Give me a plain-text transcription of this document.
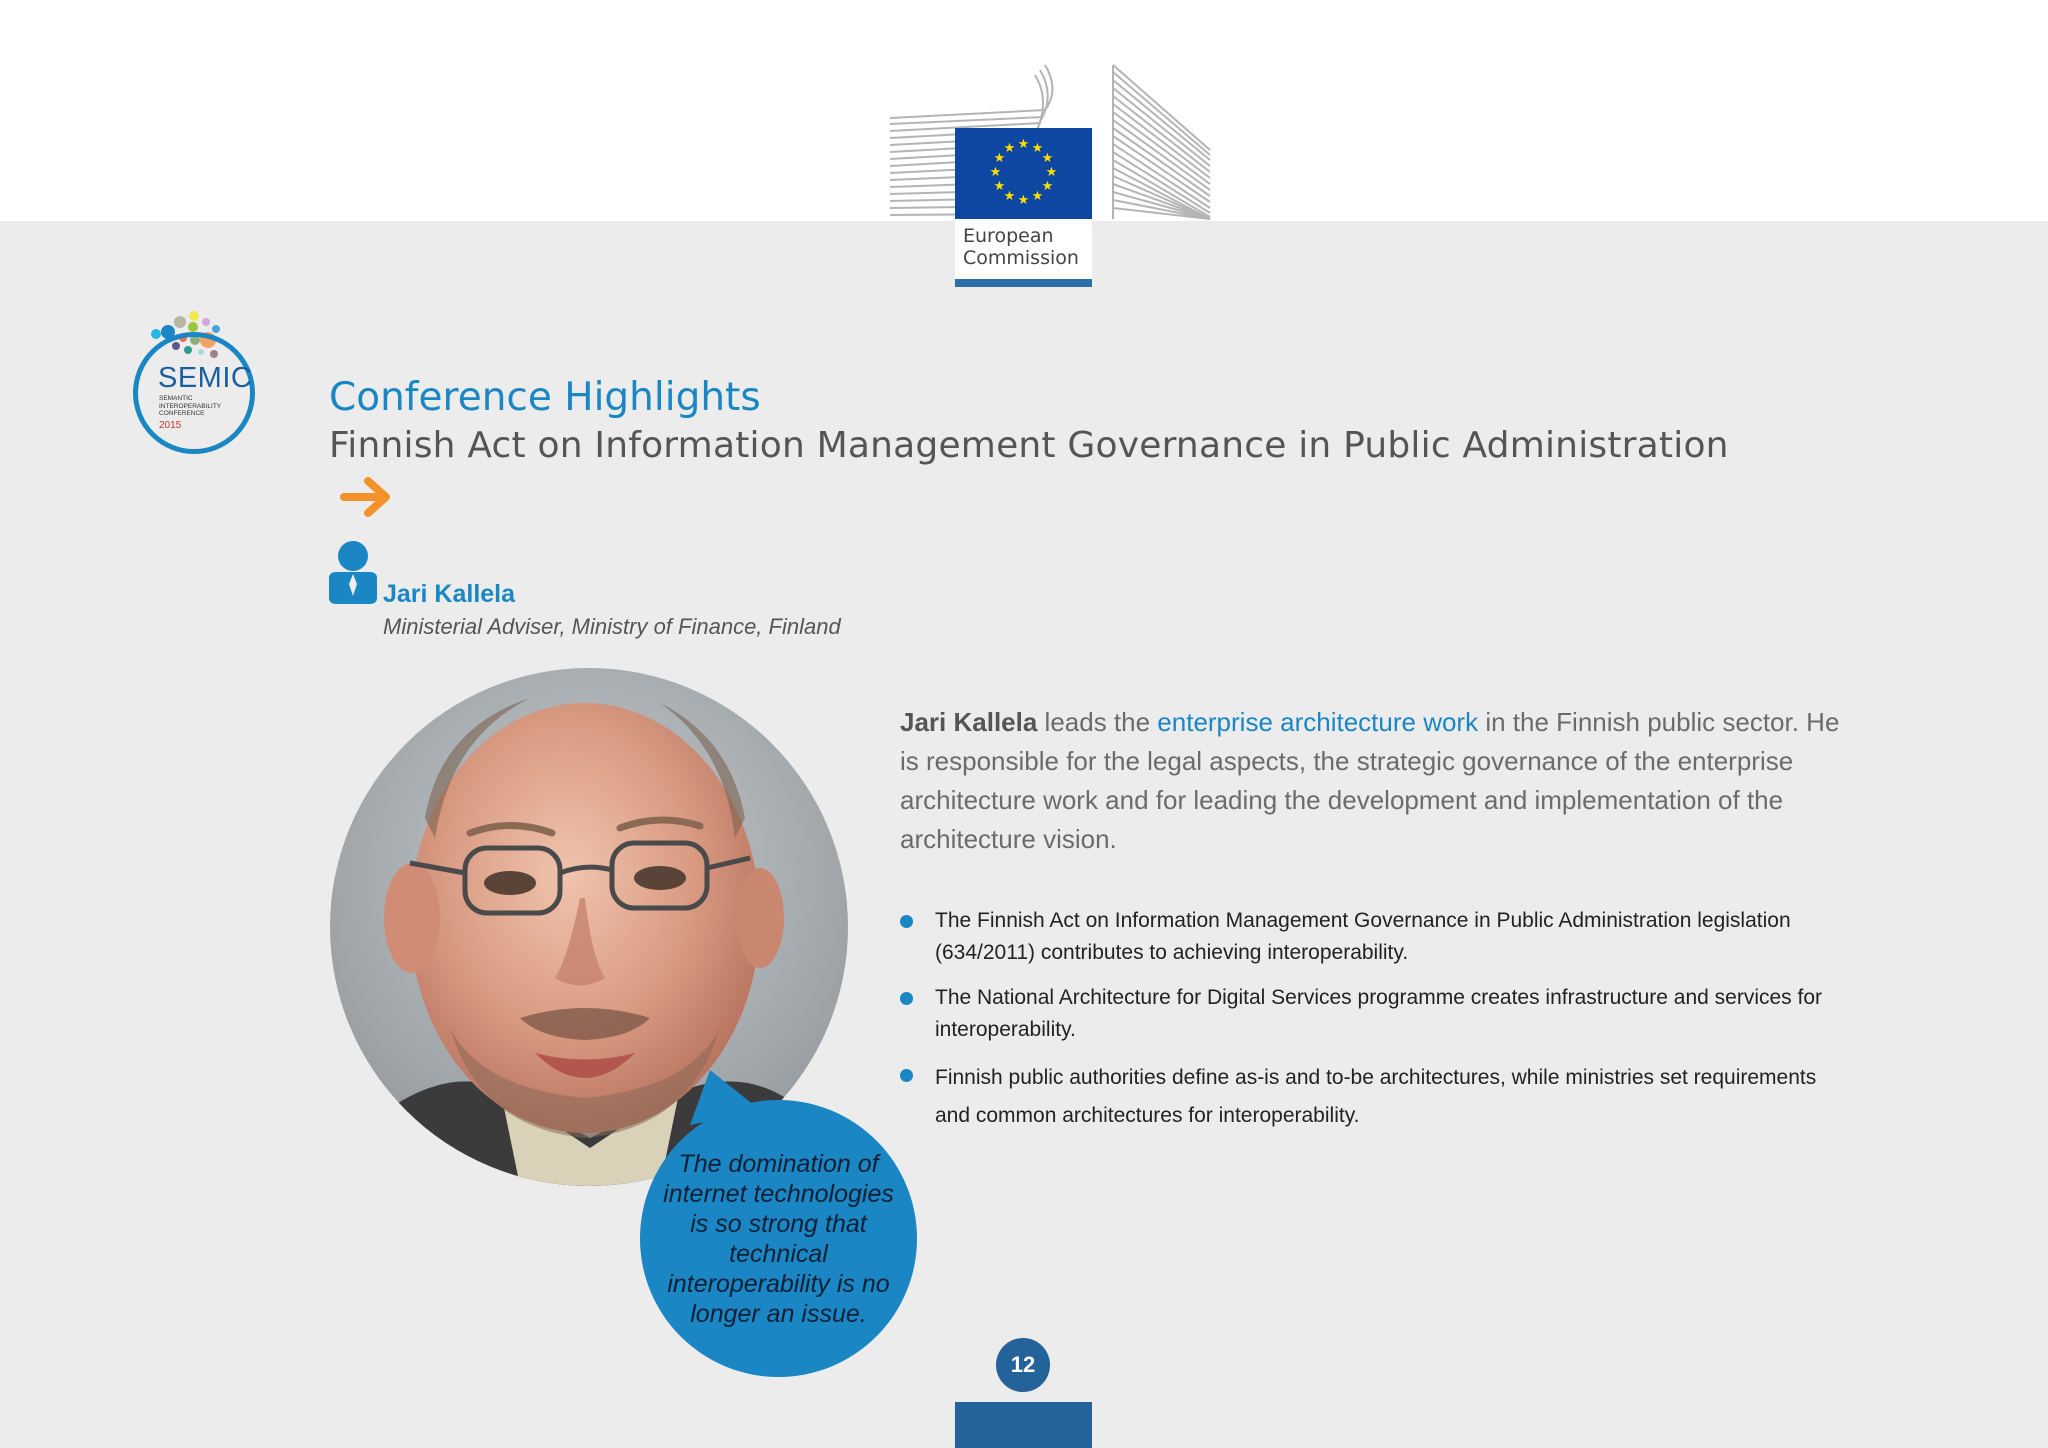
★ ★
★
★
★
★
★
★
★
★
★
★
European
Commission
SEMIC
SEMANTIC
INTEROPERABILITY
CONFERENCE
2015
Conference Highlights
Finnish Act on Information Management Governance in Public Administration
Jari Kallela
Ministerial Adviser, Ministry of Finance, Finland
The domination of internet technologies is so strong that technical interoperability is no longer an issue.

Jari Kallela leads the enterprise architecture work in the Finnish public sector. He is responsible for the legal aspects, the strategic governance of the enterprise architecture work and for leading the development and implementation of the architecture vision.

The Finnish Act on Information Management Governance in Public Administration legislation (634/2011) contributes to achieving interoperability.
The National Architecture for Digital Services programme creates infrastructure and services for interoperability.
Finnish public authorities define as-is and to-be architectures, while ministries set requirements and common architectures for interoperability.
12
